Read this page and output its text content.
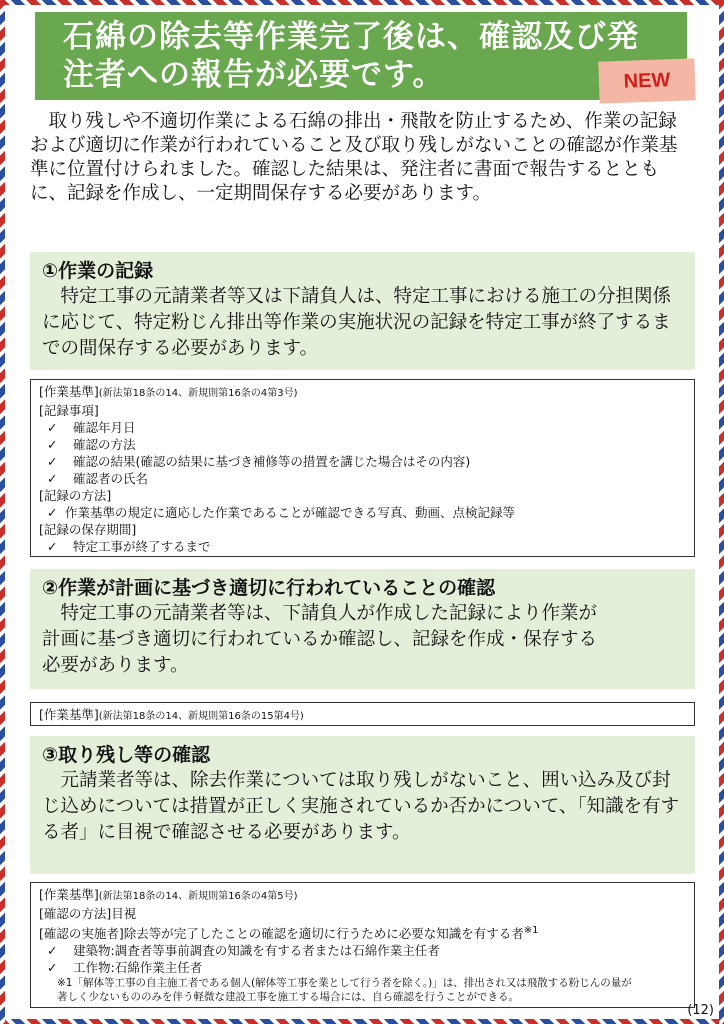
石綿の除去等作業完了後は、確認及び発
注者への報告が必要です。	NEW
取り残しや不適切作業による石綿の排出・飛散を防止するため、作業の記録および適切に作業が行われていること及び取り残しがないことの確認が作業基準に位置付けられました。確認した結果は、発注者に書面で報告するとともに、記録を作成し、一定期間保存する必要があります。
①作業の記録
特定工事の元請業者等又は下請負人は、特定工事における施工の分担関係に応じて、特定粉じん排出等作業の実施状況の記録を特定工事が終了するまでの間保存する必要があります。
[作業基準](新法第18条の14、新規則第16条の4第3号)
[記録事項]
✓ 確認年月日
✓ 確認の方法
✓ 確認の結果(確認の結果に基づき補修等の措置を講じた場合はその内容)
✓ 確認者の氏名
[記録の方法]
✓ 作業基準の規定に適応した作業であることが確認できる写真、動画、点検記録等
[記録の保存期間]
✓ 特定工事が終了するまで
②作業が計画に基づき適切に行われていることの確認
特定工事の元請業者等は、下請負人が作成した記録により作業が計画に基づき適切に行われているか確認し、記録を作成・保存する必要があります。
[作業基準](新法第18条の14、新規則第16条の15第4号)
③取り残し等の確認
元請業者等は、除去作業については取り残しがないこと、囲い込み及び封じ込めについては措置が正しく実施されているか否かについて、「知識を有する者」に目視で確認させる必要があります。
[作業基準](新法第18条の14、新規則第16条の4第5号)
[確認の方法]目視
[確認の実施者]除去等が完了したことの確認を適切に行うために必要な知識を有する者$^{※1}$
✓ 建築物:調査者等事前調査の知識を有する者または石綿作業主任者
✓ 工作物:石綿作業主任者
※1「解体等工事の自主施工者である個人(解体等工事を業として行う者を除く。)」は、排出され又は飛散する粉じんの量が著しく少ないもののみを伴う軽微な建設工事を施工する場合には、自ら確認を行うことができる。
(12)
